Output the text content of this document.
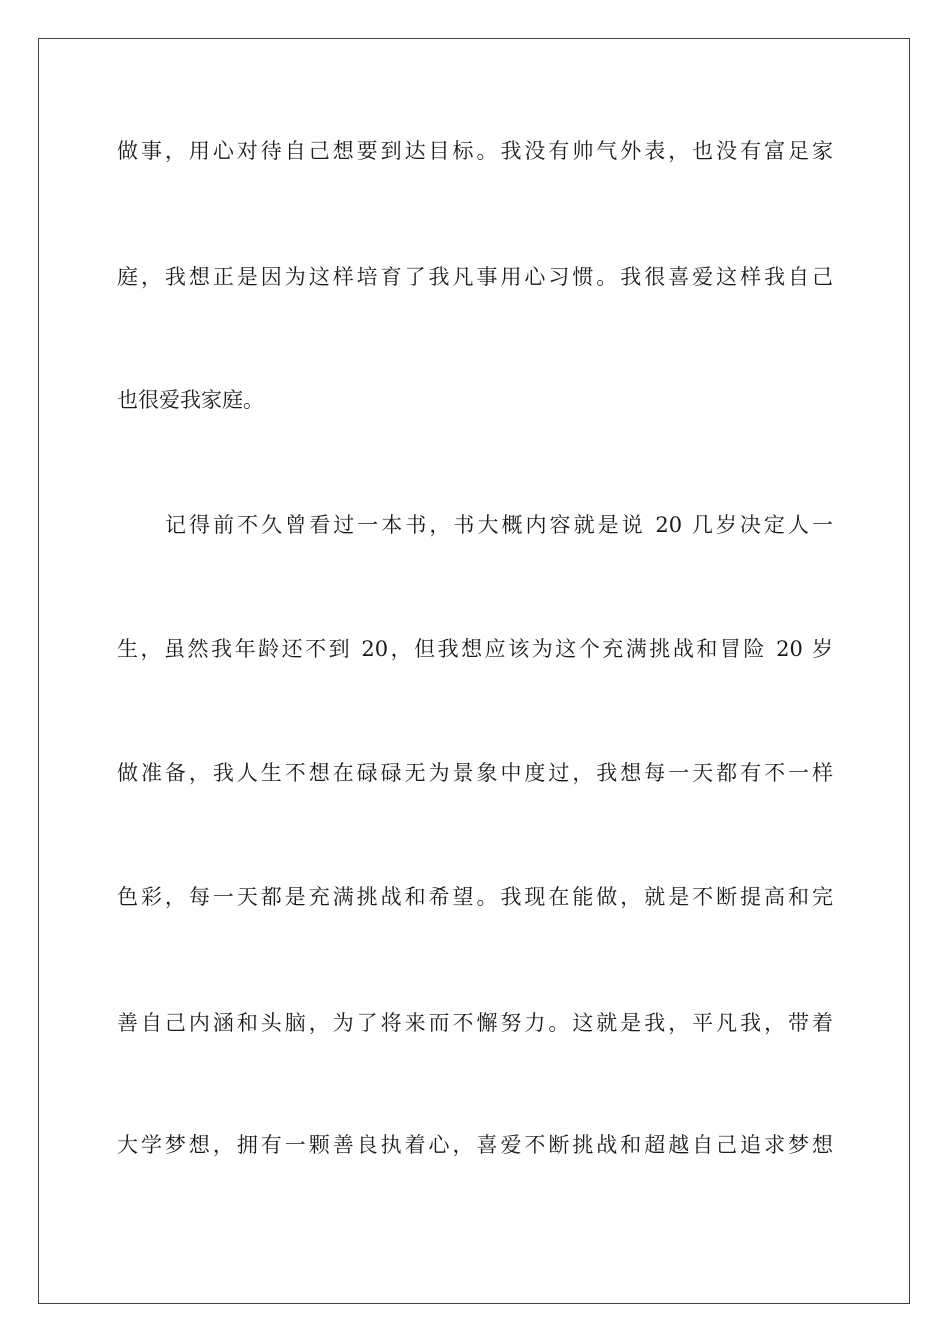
做事，用心对待自己想要到达目标。我没有帅气外表，也没有富足家
庭，我想正是因为这样培育了我凡事用心习惯。我很喜爱这样我自己
也很爱我家庭。
记得前不久曾看过一本书，书大概内容就是说 20 几岁决定人一
生，虽然我年龄还不到 20，但我想应该为这个充满挑战和冒险 20 岁
做准备，我人生不想在碌碌无为景象中度过，我想每一天都有不一样
色彩，每一天都是充满挑战和希望。我现在能做，就是不断提高和完
善自己内涵和头脑，为了将来而不懈努力。这就是我，平凡我，带着
大学梦想，拥有一颗善良执着心，喜爱不断挑战和超越自己追求梦想
